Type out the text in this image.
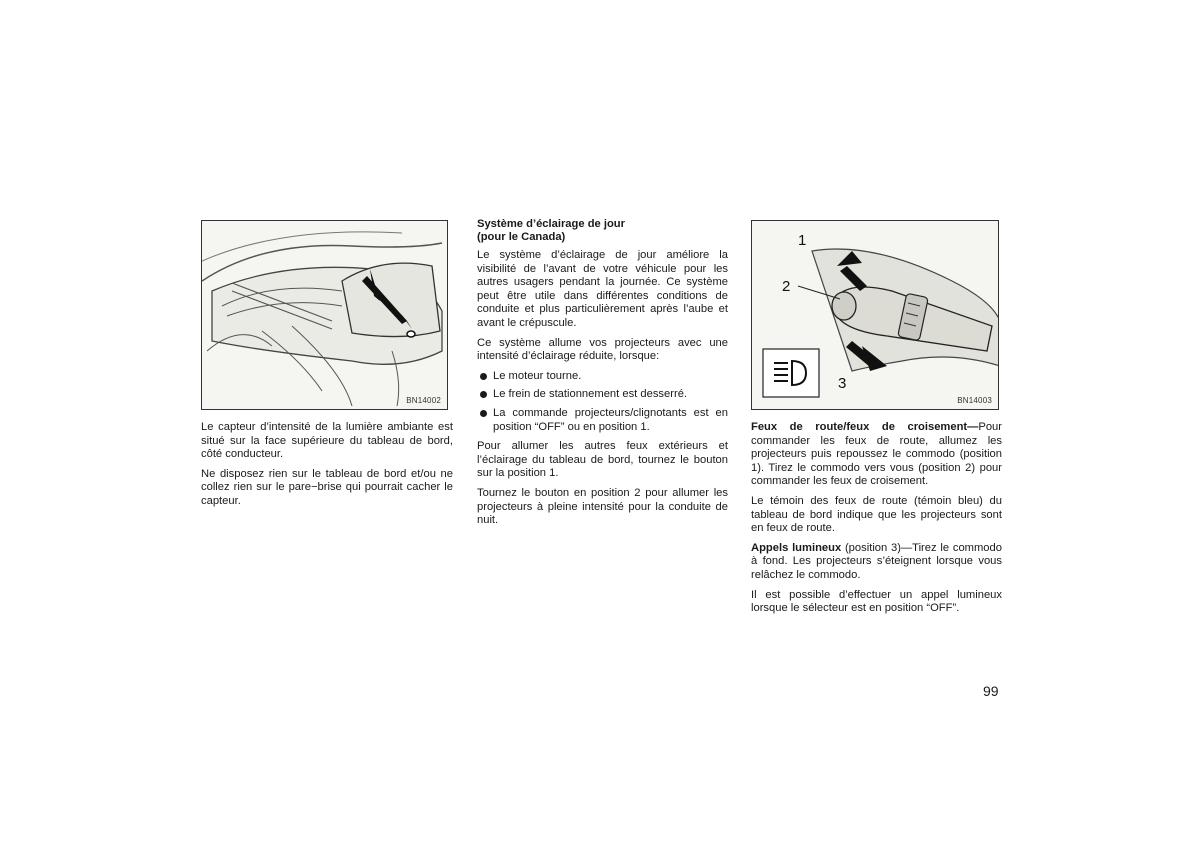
BN14002
1
2
3
BN14003

Le capteur d’intensité de la lumière ambiante est situé sur la face supérieure du tableau de bord, côté conducteur.

Ne disposez rien sur le tableau de bord et/ou ne collez rien sur le pare−brise qui pourrait cacher le capteur.

Système d’éclairage de jour
(pour le Canada)

Le système d’éclairage de jour améliore la visibilité de l’avant de votre véhicule pour les autres usagers pendant la journée. Ce système peut être utile dans différentes conditions de conduite et plus particulièrement après l’aube et avant le crépuscule.

Ce système allume vos projecteurs avec une intensité d’éclairage réduite, lorsque:

Le moteur tourne.
Le frein de stationnement est desserré.
La commande projecteurs/clignotants est en position “OFF” ou en position 1.

Pour allumer les autres feux extérieurs et l’éclairage du tableau de bord, tournez le bouton sur la position 1.

Tournez le bouton en position 2 pour allumer les projecteurs à pleine intensité pour la conduite de nuit.

Feux de route/feux de croisement—Pour commander les feux de route, allumez les projecteurs puis repoussez le commodo (position 1). Tirez le commodo vers vous (position 2) pour commander les feux de croisement.

Le témoin des feux de route (témoin bleu) du tableau de bord indique que les projecteurs sont en feux de route.

Appels lumineux (position 3)—Tirez le commodo à fond. Les projecteurs s’éteignent lorsque vous relâchez le commodo.

Il est possible d’effectuer un appel lumineux lorsque le sélecteur est en position “OFF”.

99
